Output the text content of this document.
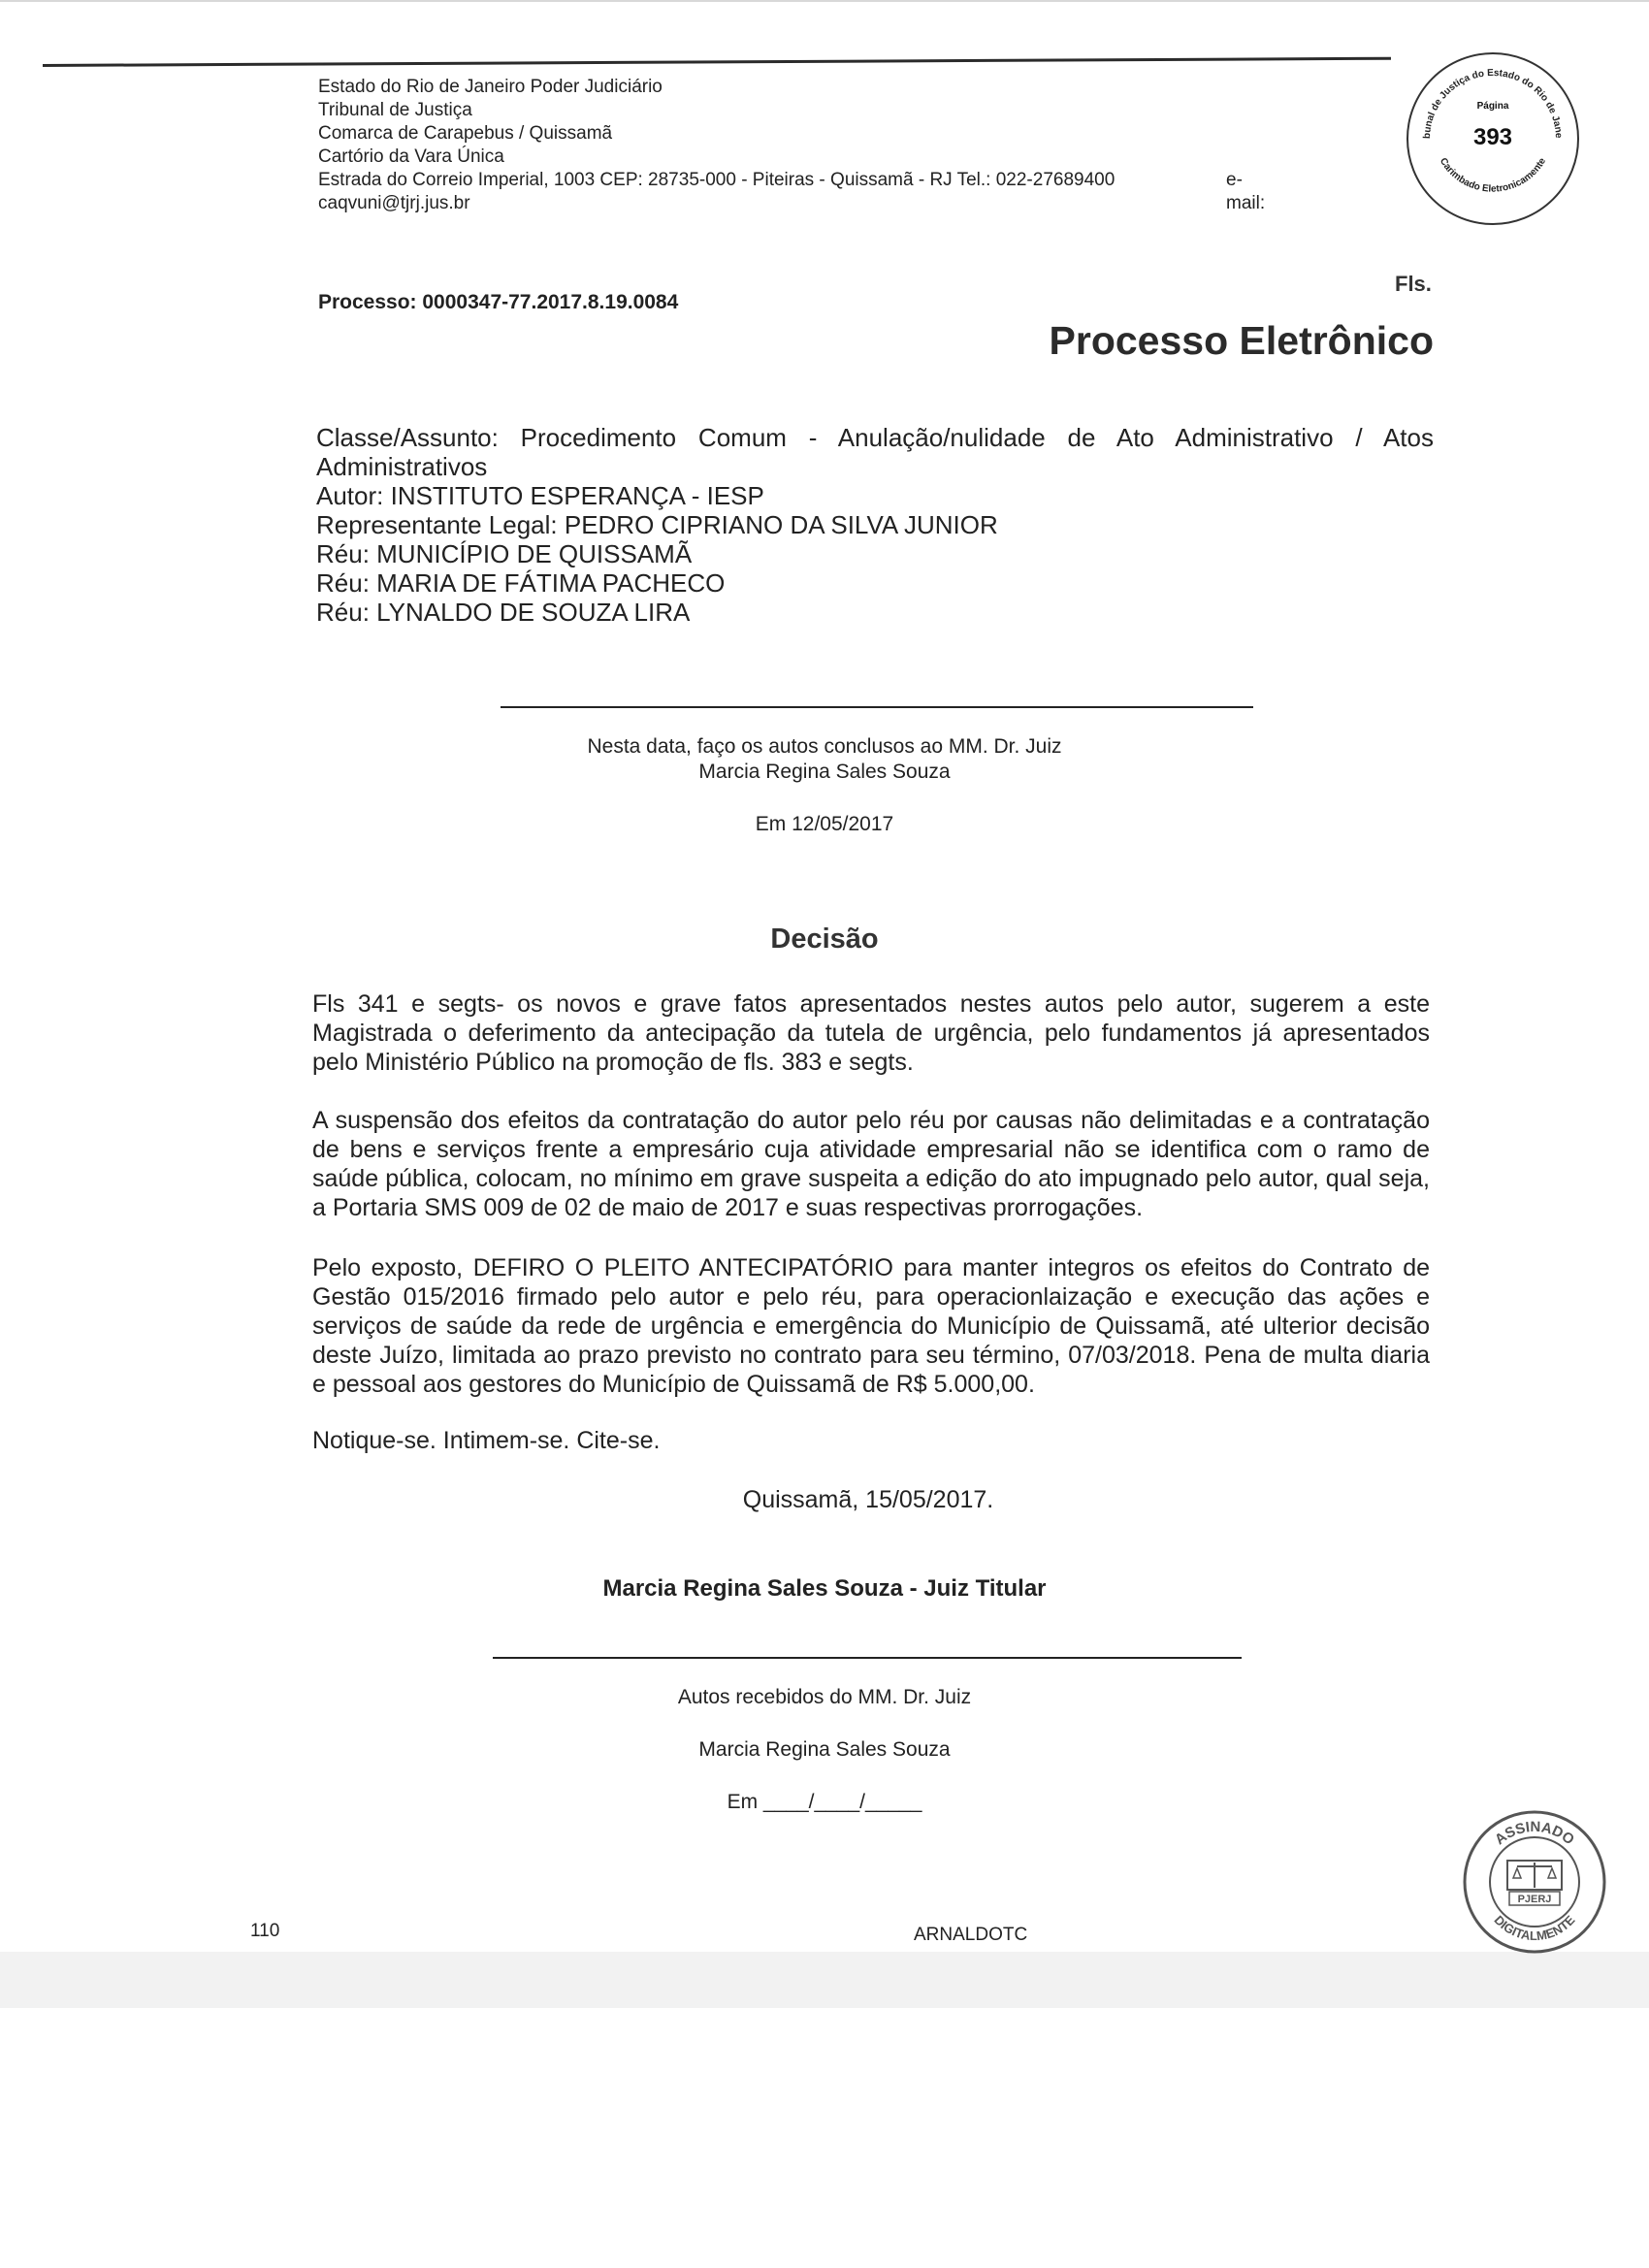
Estado do Rio de Janeiro Poder Judiciário
Tribunal de Justiça
Comarca de Carapebus / Quissamã
Cartório da Vara Única
Estrada do Correio Imperial, 1003 CEP: 28735-000 - Piteiras - Quissamã - RJ Tel.: 022-27689400
caqvuni@tjrj.jus.br
e-mail:
bunal de Justiça do Estado do Rio de Jane
Carimbado Eletronicamente
Página
393
Fls.
Processo: 0000347-77.2017.8.19.0084
Processo Eletrônico
Classe/Assunto: Procedimento Comum - Anulação/nulidade de Ato Administrativo / Atos
Administrativos
Autor: INSTITUTO ESPERANÇA - IESP
Representante Legal: PEDRO CIPRIANO DA SILVA JUNIOR
Réu: MUNICÍPIO DE QUISSAMÃ
Réu: MARIA DE FÁTIMA PACHECO
Réu: LYNALDO DE SOUZA LIRA
Nesta data, faço os autos conclusos ao MM. Dr. Juiz
Marcia Regina Sales Souza
Em 12/05/2017
Decisão
Fls 341 e segts- os novos e grave fatos apresentados nestes autos pelo autor, sugerem a este Magistrada o deferimento da antecipação da tutela de urgência, pelo fundamentos já apresentados pelo Ministério Público na promoção de fls. 383 e segts.
A suspensão dos efeitos da contratação do autor pelo réu por causas não delimitadas e a contratação de bens e serviços frente a empresário cuja atividade empresarial não se identifica com o ramo de saúde pública, colocam, no mínimo em grave suspeita a edição do ato impugnado pelo autor, qual seja, a Portaria SMS 009 de 02 de maio de 2017 e suas respectivas prorrogações.
Pelo exposto, DEFIRO O PLEITO ANTECIPATÓRIO para manter integros os efeitos do Contrato de Gestão 015/2016 firmado pelo autor e pelo réu, para operacionlaização e execução das ações e serviços de saúde da rede de urgência e emergência do Município de Quissamã, até ulterior decisão deste Juízo, limitada ao prazo previsto no contrato para seu término, 07/03/2018. Pena de multa diaria e pessoal aos gestores do Município de Quissamã de R$ 5.000,00.
Notique-se. Intimem-se. Cite-se.
Quissamã, 15/05/2017.
Marcia Regina Sales Souza - Juiz Titular
Autos recebidos do MM. Dr. Juiz
Marcia Regina Sales Souza
Em ____/____/_____
ASSINADO
DIGITALMENTE
PJERJ
110	ARNALDOTC
